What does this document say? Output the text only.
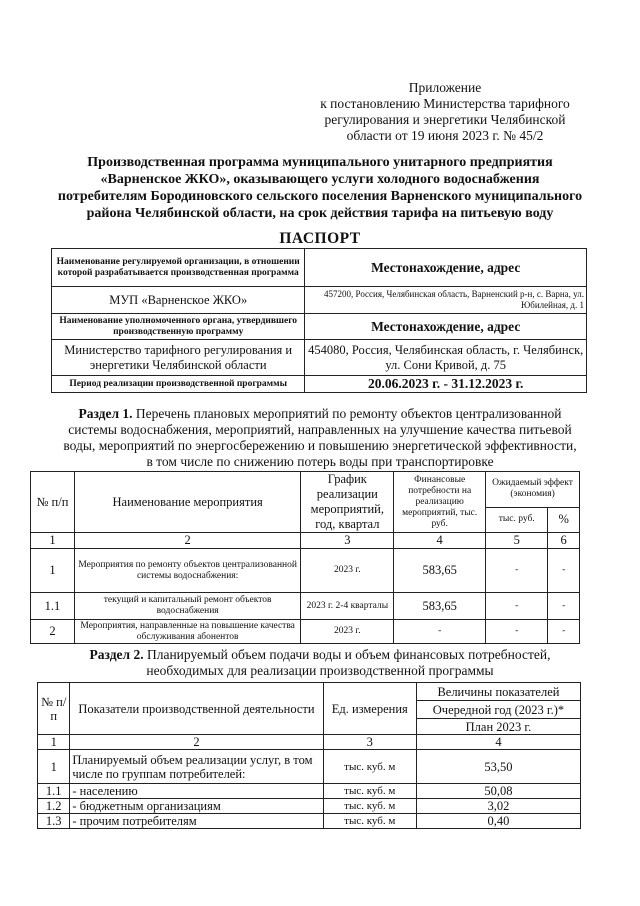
Приложение
к постановлению Министерства тарифного
регулирования и энергетики Челябинской
области от 19 июня 2023 г. № 45/2
Производственная программа муниципального унитарного предприятия
«Варненское ЖКО», оказывающего услуги холодного водоснабжения
потребителям Бородиновского сельского поселения Варненского муниципального
района Челябинской области, на срок действия тарифа на питьевую воду
ПАСПОРТ
Наименование регулируемой организации, в отношении которой разрабатывается производственная программа	Местонахождение, адрес
МУП «Варненское ЖКО»	457200, Россия, Челябинская область, Варненский р-н, с. Варна, ул. Юбилейная, д. 1
Наименование уполномоченного органа, утвердившего производственную программу	Местонахождение, адрес
Министерство тарифного регулирования и энергетики Челябинской области	454080, Россия, Челябинская область, г. Челябинск, ул. Сони Кривой, д. 75
Период реализации производственной программы	20.06.2023 г. - 31.12.2023 г.
Раздел 1. Перечень плановых мероприятий по ремонту объектов централизованной
системы водоснабжения, мероприятий, направленных на улучшение качества питьевой
воды, мероприятий по энергосбережению и повышению энергетической эффективности,
в том числе по снижению потерь воды при транспортировке
№ п/п	Наименование мероприятия	График реализации мероприятий, год, квартал	Финансовые потребности на реализацию мероприятий, тыс. руб.	Ожидаемый эффект (экономия)	
				тыс. руб.	%
1	2	3	4	5	6
1	Мероприятия по ремонту объектов централизованной системы водоснабжения:	2023 г.	583,65	-	-
1.1	текущий и капитальный ремонт объектов водоснабжения	2023 г. 2-4 кварталы	583,65	-	-
2	Мероприятия, направленные на повышение качества обслуживания абонентов	2023 г.	-	-	-
Раздел 2. Планируемый объем подачи воды и объем финансовых потребностей,
необходимых для реализации производственной программы
№ п/п	Показатели производственной деятельности	Ед. измерения	Величины показателей
			Очередной год (2023 г.)*
			План 2023 г.
1	2	3	4
1	Планируемый объем реализации услуг, в том числе по группам потребителей:	тыс. куб. м	53,50
1.1	- населению	тыс. куб. м	50,08
1.2	- бюджетным организациям	тыс. куб. м	3,02
1.3	- прочим потребителям	тыс. куб. м	0,40
